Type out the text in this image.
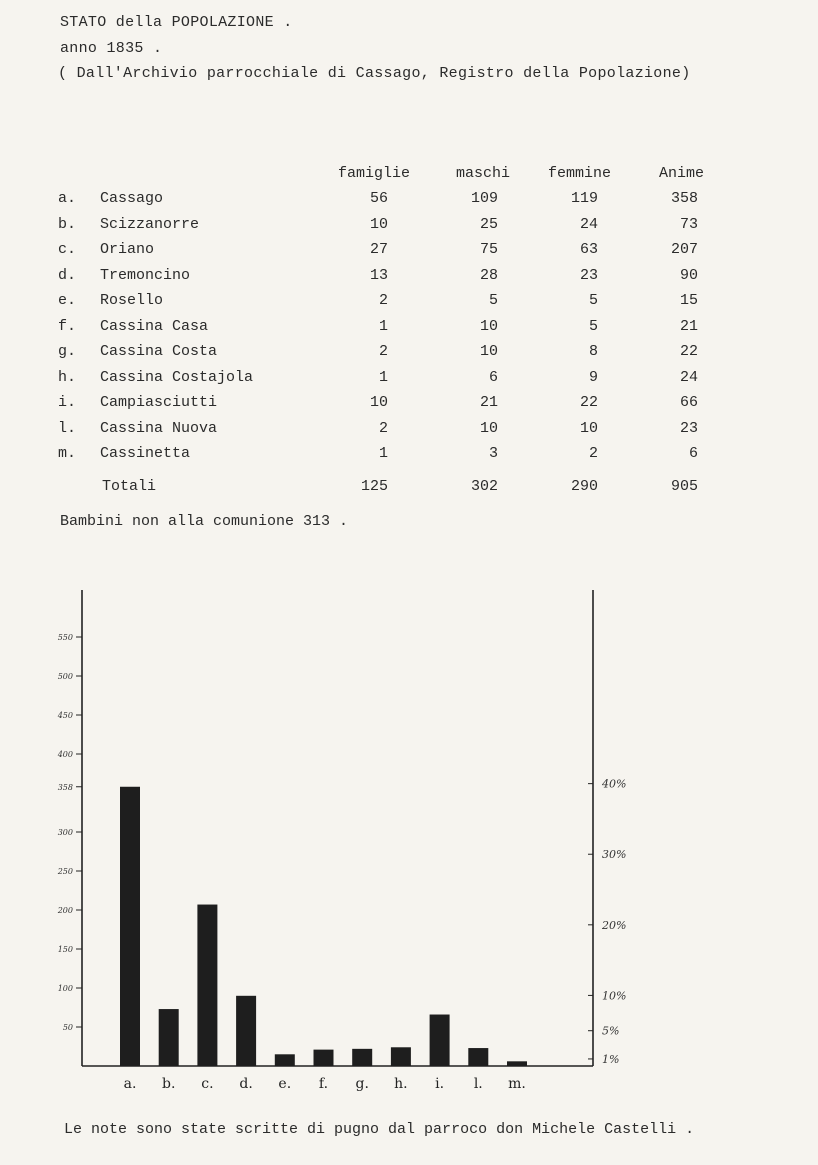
STATO della POPOLAZIONE .
anno 1835 .
( Dall'Archivio parrocchiale di Cassago, Registro della Popolazione)
famiglie	maschi	femmine	Anime
a. Cassago	56	109	119	358
b. Scizzanorre	10	25	24	73
c. Oriano	27	75	63	207
d. Tremoncino	13	28	23	90
e. Rosello	2	5	5	15
f. Cassina Casa	1	10	5	21
g. Cassina Costa	2	10	8	22
h. Cassina Costajola	1	6	9	24
i. Campiasciutti	10	21	22	66
l. Cassina Nuova	2	10	10	23
m. Cassinetta	1	3	2	6
Totali	125	302	290	905
Bambini non alla comunione 313 .
50
100
150
200
250
300
358
400
450
500
550
1%
5%
10%
20%
30%
40%
a. b. c. d. e. f. g. h. i. l. m.
Le note sono state scritte di pugno dal parroco don Michele Castelli .
